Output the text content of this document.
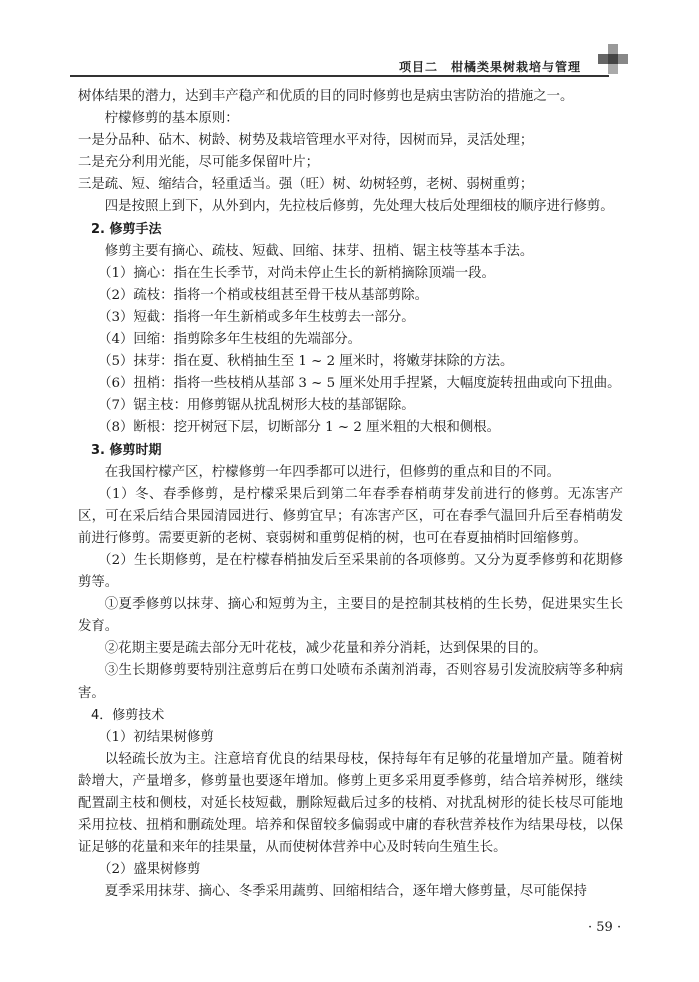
项目二　柑橘类果树栽培与管理

树体结果的潜力，达到丰产稳产和优质的目的同时修剪也是病虫害防治的措施之一。

柠檬修剪的基本原则：

一是分品种、砧木、树龄、树势及栽培管理水平对待，因树而异，灵活处理；

二是充分利用光能，尽可能多保留叶片；

三是疏、短、缩结合，轻重适当。强（旺）树、幼树轻剪，老树、弱树重剪；

四是按照上到下，从外到内，先拉枝后修剪，先处理大枝后处理细枝的顺序进行修剪。

2. 修剪手法

修剪主要有摘心、疏枝、短截、回缩、抹芽、扭梢、锯主枝等基本手法。

（1）摘心：指在生长季节，对尚未停止生长的新梢摘除顶端一段。

（2）疏枝：指将一个梢或枝组甚至骨干枝从基部剪除。

（3）短截：指将一年生新梢或多年生枝剪去一部分。

（4）回缩：指剪除多年生枝组的先端部分。

（5）抹芽：指在夏、秋梢抽生至 1 ~ 2 厘米时，将嫩芽抹除的方法。

（6）扭梢：指将一些枝梢从基部 3 ~ 5 厘米处用手捏紧，大幅度旋转扭曲或向下扭曲。

（7）锯主枝：用修剪锯从扰乱树形大枝的基部锯除。

（8）断根：挖开树冠下层，切断部分 1 ~ 2 厘米粗的大根和侧根。

3. 修剪时期

在我国柠檬产区，柠檬修剪一年四季都可以进行，但修剪的重点和目的不同。

（1）冬、春季修剪，是柠檬采果后到第二年春季春梢萌芽发前进行的修剪。无冻害产区，可在采后结合果园清园进行、修剪宜早；有冻害产区，可在春季气温回升后至春梢萌发前进行修剪。需要更新的老树、衰弱树和重剪促梢的树，也可在春夏抽梢时回缩修剪。

（2）生长期修剪，是在柠檬春梢抽发后至采果前的各项修剪。又分为夏季修剪和花期修剪等。

①夏季修剪以抹芽、摘心和短剪为主，主要目的是控制其枝梢的生长势，促进果实生长发育。

②花期主要是疏去部分无叶花枝，减少花量和养分消耗，达到保果的目的。

③生长期修剪要特别注意剪后在剪口处喷布杀菌剂消毒，否则容易引发流胶病等多种病害。

4．修剪技术

（1）初结果树修剪

以轻疏长放为主。注意培育优良的结果母枝，保持每年有足够的花量增加产量。随着树龄增大，产量增多，修剪量也要逐年增加。修剪上更多采用夏季修剪，结合培养树形，继续配置副主枝和侧枝，对延长枝短截，删除短截后过多的枝梢、对扰乱树形的徒长枝尽可能地采用拉枝、扭梢和删疏处理。培养和保留较多偏弱或中庸的春秋营养枝作为结果母枝，以保证足够的花量和来年的挂果量，从而使树体营养中心及时转向生殖生长。

（2）盛果树修剪

夏季采用抹芽、摘心、冬季采用蔬剪、回缩相结合，逐年增大修剪量，尽可能保持

· 59 ·
